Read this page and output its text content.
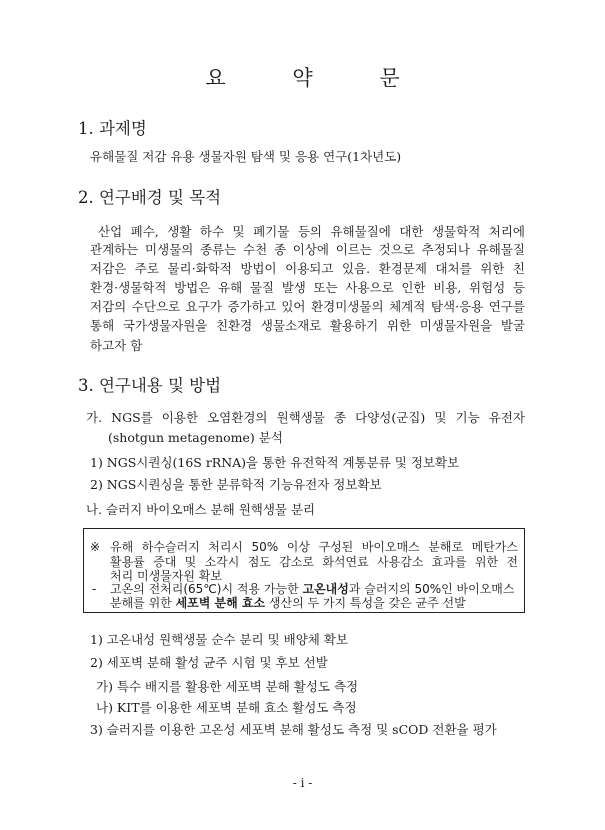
요 약 문
1. 과제명
유해물질 저감 유용 생물자원 탐색 및 응용 연구(1차년도)
2. 연구배경 및 목적
산업 폐수, 생활 하수 및 폐기물 등의 유해물질에 대한 생물학적 처리에
관계하는 미생물의 종류는 수천 종 이상에 이르는 것으로 추정되나 유해물질
저감은 주로 물리·화학적 방법이 이용되고 있음. 환경문제 대처를 위한 친
환경·생물학적 방법은 유해 물질 발생 또는 사용으로 인한 비용, 위험성 등
저감의 수단으로 요구가 증가하고 있어 환경미생물의 체계적 탐색·응용 연구를
통해 국가생물자원을 친환경 생물소재로 활용하기 위한 미생물자원을 발굴
하고자 함
3. 연구내용 및 방법
가. NGS를 이용한 오염환경의 원핵생물 종 다양성(군집) 및 기능 유전자
(shotgun metagenome) 분석
1) NGS시퀀싱(16S rRNA)을 통한 유전학적 계통분류 및 정보확보
2) NGS시퀀싱을 통한 분류학적 기능유전자 정보확보
나. 슬러지 바이오매스 분해 원핵생물 분리
※ 유해 하수슬러지 처리시 50% 이상 구성된 바이오매스 분해로 메탄가스
활용률 증대 및 소각시 점도 감소로 화석연료 사용감소 효과를 위한 전
처리 미생물자원 확보
- 고온의 전처리(65℃)시 적용 가능한 고온내성과 슬러지의 50%인 바이오매스
분해를 위한 세포벽 분해 효소 생산의 두 가지 특성을 갖은 균주 선발
1) 고온내성 원핵생물 순수 분리 및 배양체 확보
2) 세포벽 분해 활성 균주 시험 및 후보 선발
가) 특수 배지를 활용한 세포벽 분해 활성도 측정
나) KIT를 이용한 세포벽 분해 효소 활성도 측정
3) 슬러지를 이용한 고온성 세포벽 분해 활성도 측정 및 sCOD 전환율 평가
- i -
